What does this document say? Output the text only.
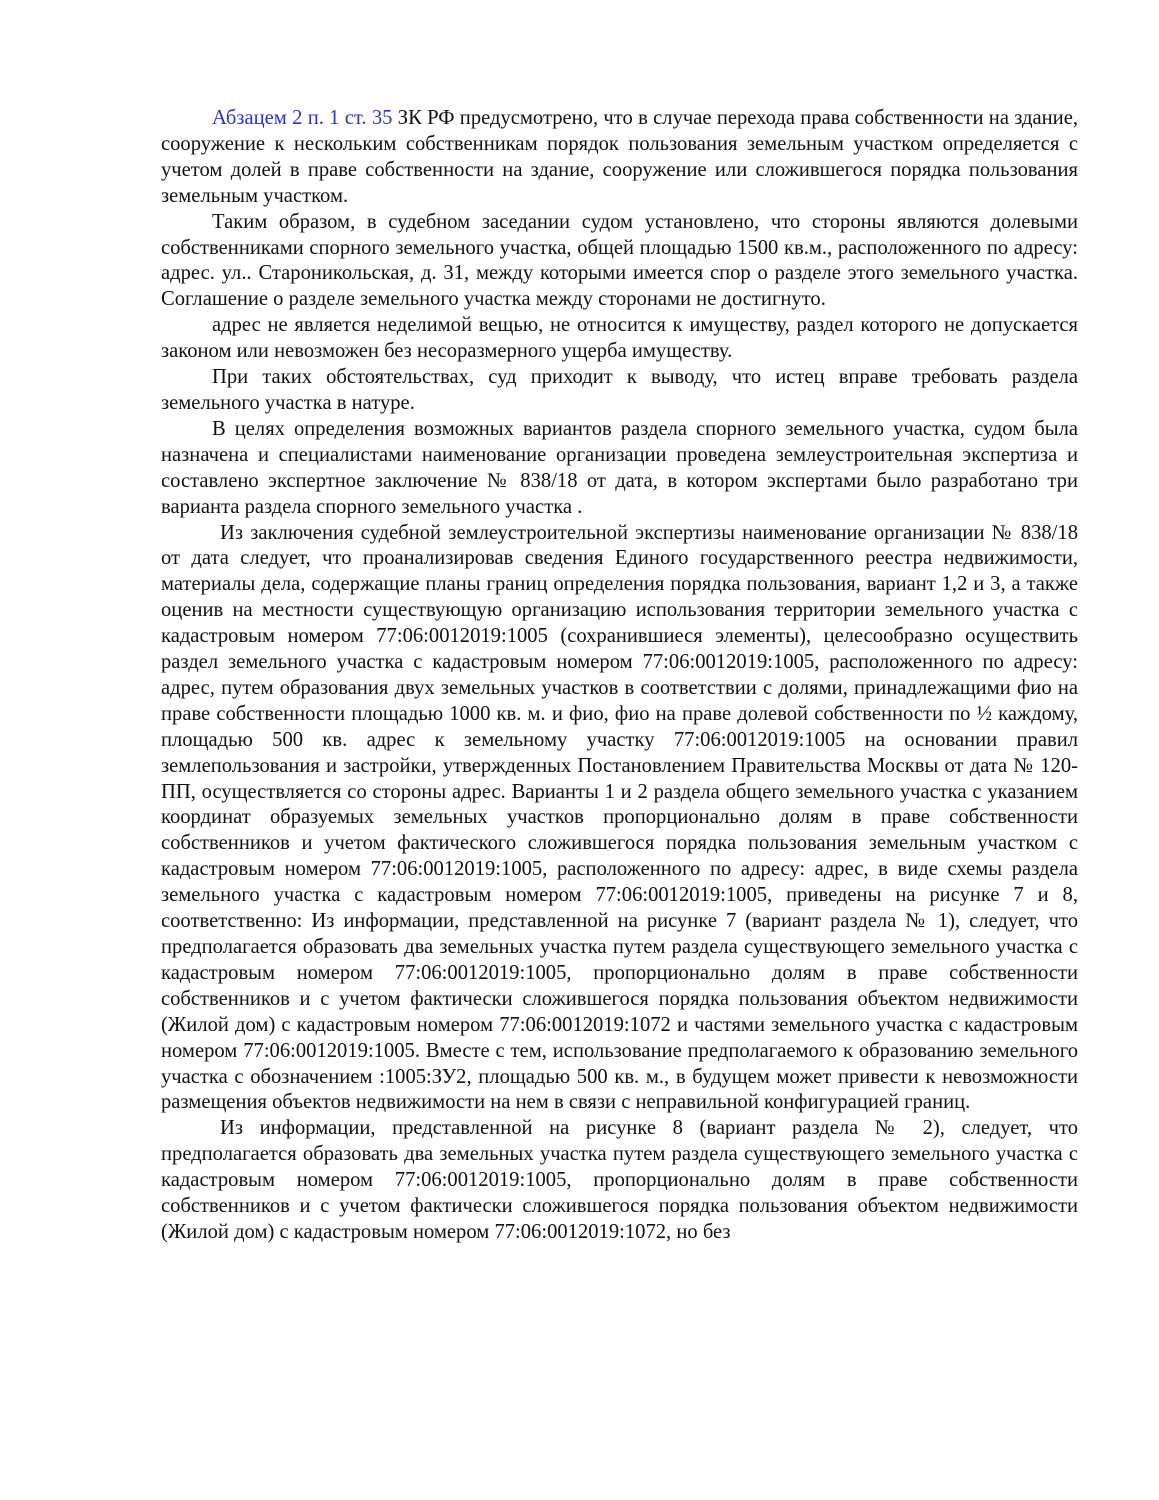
Абзацем 2 п. 1 ст. 35 ЗК РФ предусмотрено, что в случае перехода права собственности на здание, сооружение к нескольким собственникам порядок пользования земельным участком определяется с учетом долей в праве собственности на здание, сооружение или сложившегося порядка пользования земельным участком.

Таким образом, в судебном заседании судом установлено, что стороны являются долевыми собственниками спорного земельного участка, общей площадью 1500 кв.м., расположенного по адресу: адрес. ул.. Староникольская, д. 31, между которыми имеется спор о разделе этого земельного участка. Соглашение о разделе земельного участка между сторонами не достигнуто.

адрес не является неделимой вещью, не относится к имуществу, раздел которого не допускается законом или невозможен без несоразмерного ущерба имуществу.

При таких обстоятельствах, суд приходит к выводу, что истец вправе требовать раздела земельного участка в натуре.

В целях определения возможных вариантов раздела спорного земельного участка, судом была назначена и специалистами наименование организации проведена землеустроительная экспертиза и составлено экспертное заключение № 838/18 от дата, в котором экспертами было разработано три варианта раздела спорного земельного участка .

Из заключения судебной землеустроительной экспертизы наименование организации № 838/18 от дата следует, что проанализировав сведения Единого государственного реестра недвижимости, материалы дела, содержащие планы границ определения порядка пользования, вариант 1,2 и 3, а также оценив на местности существующую организацию использования территории земельного участка с кадастровым номером 77:06:0012019:1005 (сохранившиеся элементы), целесообразно осуществить раздел земельного участка с кадастровым номером 77:06:0012019:1005, расположенного по адресу: адрес, путем образования двух земельных участков в соответствии с долями, принадлежащими фио на праве собственности площадью 1000 кв. м. и фио, фио на праве долевой собственности по ½ каждому, площадью 500 кв. адрес к земельному участку 77:06:0012019:1005 на основании правил землепользования и застройки, утвержденных Постановлением Правительства Москвы от дата № 120-ПП, осуществляется со стороны адрес. Варианты 1 и 2 раздела общего земельного участка с указанием координат образуемых земельных участков пропорционально долям в праве собственности собственников и учетом фактического сложившегося порядка пользования земельным участком с кадастровым номером 77:06:0012019:1005, расположенного по адресу: адрес, в виде схемы раздела земельного участка с кадастровым номером 77:06:0012019:1005, приведены на рисунке 7 и 8, соответственно: Из информации, представленной на рисунке 7 (вариант раздела № 1), следует, что предполагается образовать два земельных участка путем раздела существующего земельного участка с кадастровым номером 77:06:0012019:1005, пропорционально долям в праве собственности собственников и с учетом фактически сложившегося порядка пользования объектом недвижимости (Жилой дом) с кадастровым номером 77:06:0012019:1072 и частями земельного участка с кадастровым номером 77:06:0012019:1005. Вместе с тем, использование предполагаемого к образованию земельного участка с обозначением :1005:ЗУ2, площадью 500 кв. м., в будущем может привести к невозможности размещения объектов недвижимости на нем в связи с неправильной конфигурацией границ.

Из информации, представленной на рисунке 8 (вариант раздела № 2), следует, что предполагается образовать два земельных участка путем раздела существующего земельного участка с кадастровым номером 77:06:0012019:1005, пропорционально долям в праве собственности собственников и с учетом фактически сложившегося порядка пользования объектом недвижимости (Жилой дом) с кадастровым номером 77:06:0012019:1072, но без
